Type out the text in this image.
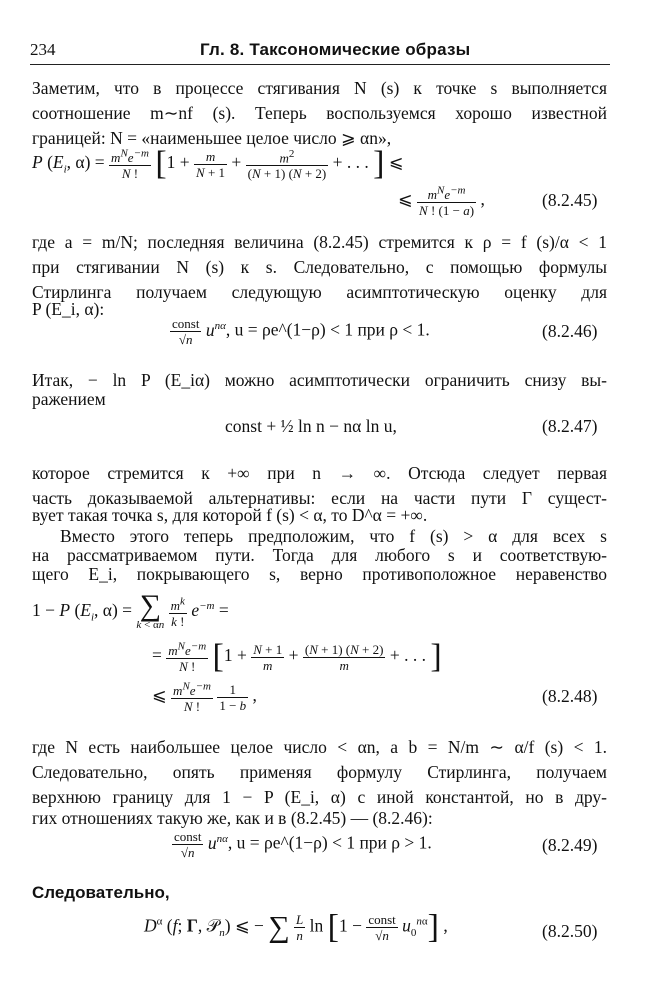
234	Гл. 8. Таксономические образы
Заметим, что в процессе стягивания N (s) к точке s выполняется
соотношение m∼nf (s). Теперь воспользуемся хорошо известной
границей: N = «наименьшее целое число ⩾ αn»,
P ($E_i$, $\alpha) = \frac{m^Ne^{-m}}{N !} [1 + \frac{m}{N + 1} + \frac{m^2}{(N + 1) (N + 2)}$ + . . . ] ⩽
⩽ $\frac{m^Ne^{-m}}{N ! (1 - a)}$ ,	(8.2.45)
где a = m/N; последняя величина (8.2.45) стремится к ρ = f (s)/α < 1
при стягивании N (s) к s. Следовательно, с помощью формулы
Стирлинга получаем следующую асимптотическую оценку для
P (E_i, α):
$\frac{\text{const}}{√n} u^{n\alpha}$, u = ρe^(1−ρ) < 1 при ρ < 1.	(8.2.46)
Итак, − ln P (E_iα) можно асимптотически ограничить снизу вы-
ражением
const + ½ ln n − nα ln u,	(8.2.47)
которое стремится к +∞ при n → ∞. Отсюда следует первая
часть доказываемой альтернативы: если на части пути Γ сущест-
вует такая точка s, для которой f (s) < α, то D^α = +∞.
Вместо этого теперь предположим, что f (s) > α для всех s
на рассматриваемом пути. Тогда для любого s и соответствую-
щего E_i, покрывающего s, верно противоположное неравенство
1 − P ($E_i$, α) = ∑
k < αn
$\frac{m^k}{k !} e^{-m}$ =
= $\frac{m^Ne^{-m}}{N !} [1 + \frac{N + 1}{m} + \frac{(N + 1) (N + 2)}{m}$ + . . . ]
⩽ $\frac{m^Ne^{-m}}{N !}$
$\frac{1}{1 - b}$ ,	(8.2.48)
где N есть наибольшее целое число < αn, а b = N/m ∼ α/f (s) < 1.
Следовательно, опять применяя формулу Стирлинга, получаем
верхнюю границу для 1 − P (E_i, α) с иной константой, но в дру-
гих отношениях такую же, как и в (8.2.45) — (8.2.46):
$\frac{\text{const}}{√n} u^{n\alpha}$, u = ρe^(1−ρ) < 1 при ρ > 1.	(8.2.49)
Следовательно,
$D^\alpha$ (f; Γ, 𝒫$_n$) ⩽ − ∑ $\frac{L}{n}$ $\ln [1 - \frac{\text{const}}{√n} u_0^{n\alpha}]$ ,	(8.2.50)
